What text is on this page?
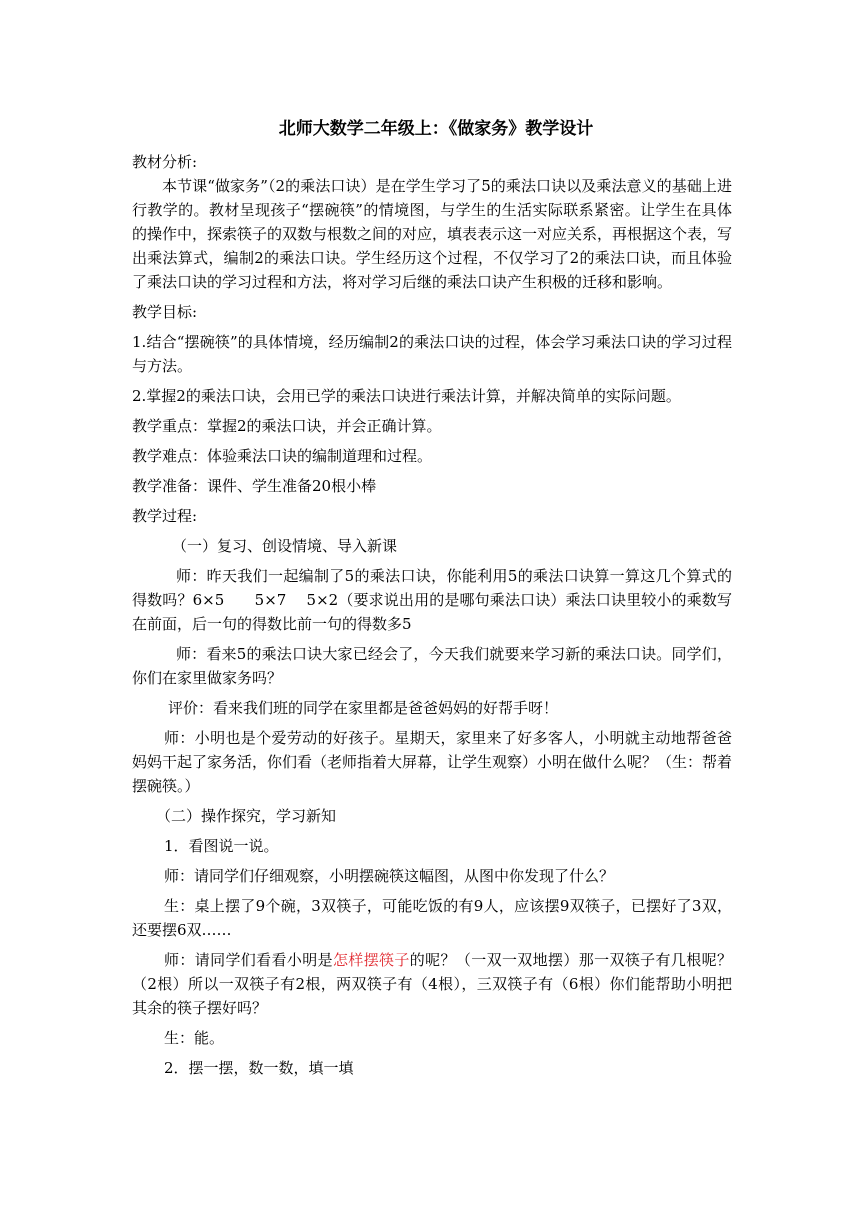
北师大数学二年级上：《做家务》教学设计

教材分析:

本节课“做家务”（2的乘法口诀）是在学生学习了5的乘法口诀以及乘法意义的基础上进行教学的。教材呈现孩子“摆碗筷”的情境图，与学生的生活实际联系紧密。让学生在具体的操作中，探索筷子的双数与根数之间的对应，填表表示这一对应关系，再根据这个表，写出乘法算式，编制2的乘法口诀。学生经历这个过程，不仅学习了2的乘法口诀，而且体验了乘法口诀的学习过程和方法，将对学习后继的乘法口诀产生积极的迁移和影响。

教学目标:

1.结合“摆碗筷”的具体情境，经历编制2的乘法口诀的过程，体会学习乘法口诀的学习过程与方法。

2.掌握2的乘法口诀，会用已学的乘法口诀进行乘法计算，并解决简单的实际问题。

教学重点：掌握2的乘法口诀，并会正确计算。

教学难点：体验乘法口诀的编制道理和过程。

教学准备：课件、学生准备20根小棒

教学过程:

（一）复习、创设情境、导入新课

师：昨天我们一起编制了5的乘法口诀，你能利用5的乘法口诀算一算这几个算式的得数吗？6×5　　5×7　 5×2（要求说出用的是哪句乘法口诀）乘法口诀里较小的乘数写在前面，后一句的得数比前一句的得数多5

师：看来5的乘法口诀大家已经会了，今天我们就要来学习新的乘法口诀。同学们，你们在家里做家务吗？

评价：看来我们班的同学在家里都是爸爸妈妈的好帮手呀！

师：小明也是个爱劳动的好孩子。星期天，家里来了好多客人，小明就主动地帮爸爸妈妈干起了家务活，你们看（老师指着大屏幕，让学生观察）小明在做什么呢？（生：帮着摆碗筷。）

（二）操作探究，学习新知

1．看图说一说。

师：请同学们仔细观察，小明摆碗筷这幅图，从图中你发现了什么？

生：桌上摆了9个碗，3双筷子，可能吃饭的有9人，应该摆9双筷子，已摆好了3双，还要摆6双……

师：请同学们看看小明是怎样摆筷子的呢？（一双一双地摆）那一双筷子有几根呢？（2根）所以一双筷子有2根，两双筷子有（4根），三双筷子有（6根）你们能帮助小明把其余的筷子摆好吗？

生：能。

2．摆一摆，数一数，填一填
